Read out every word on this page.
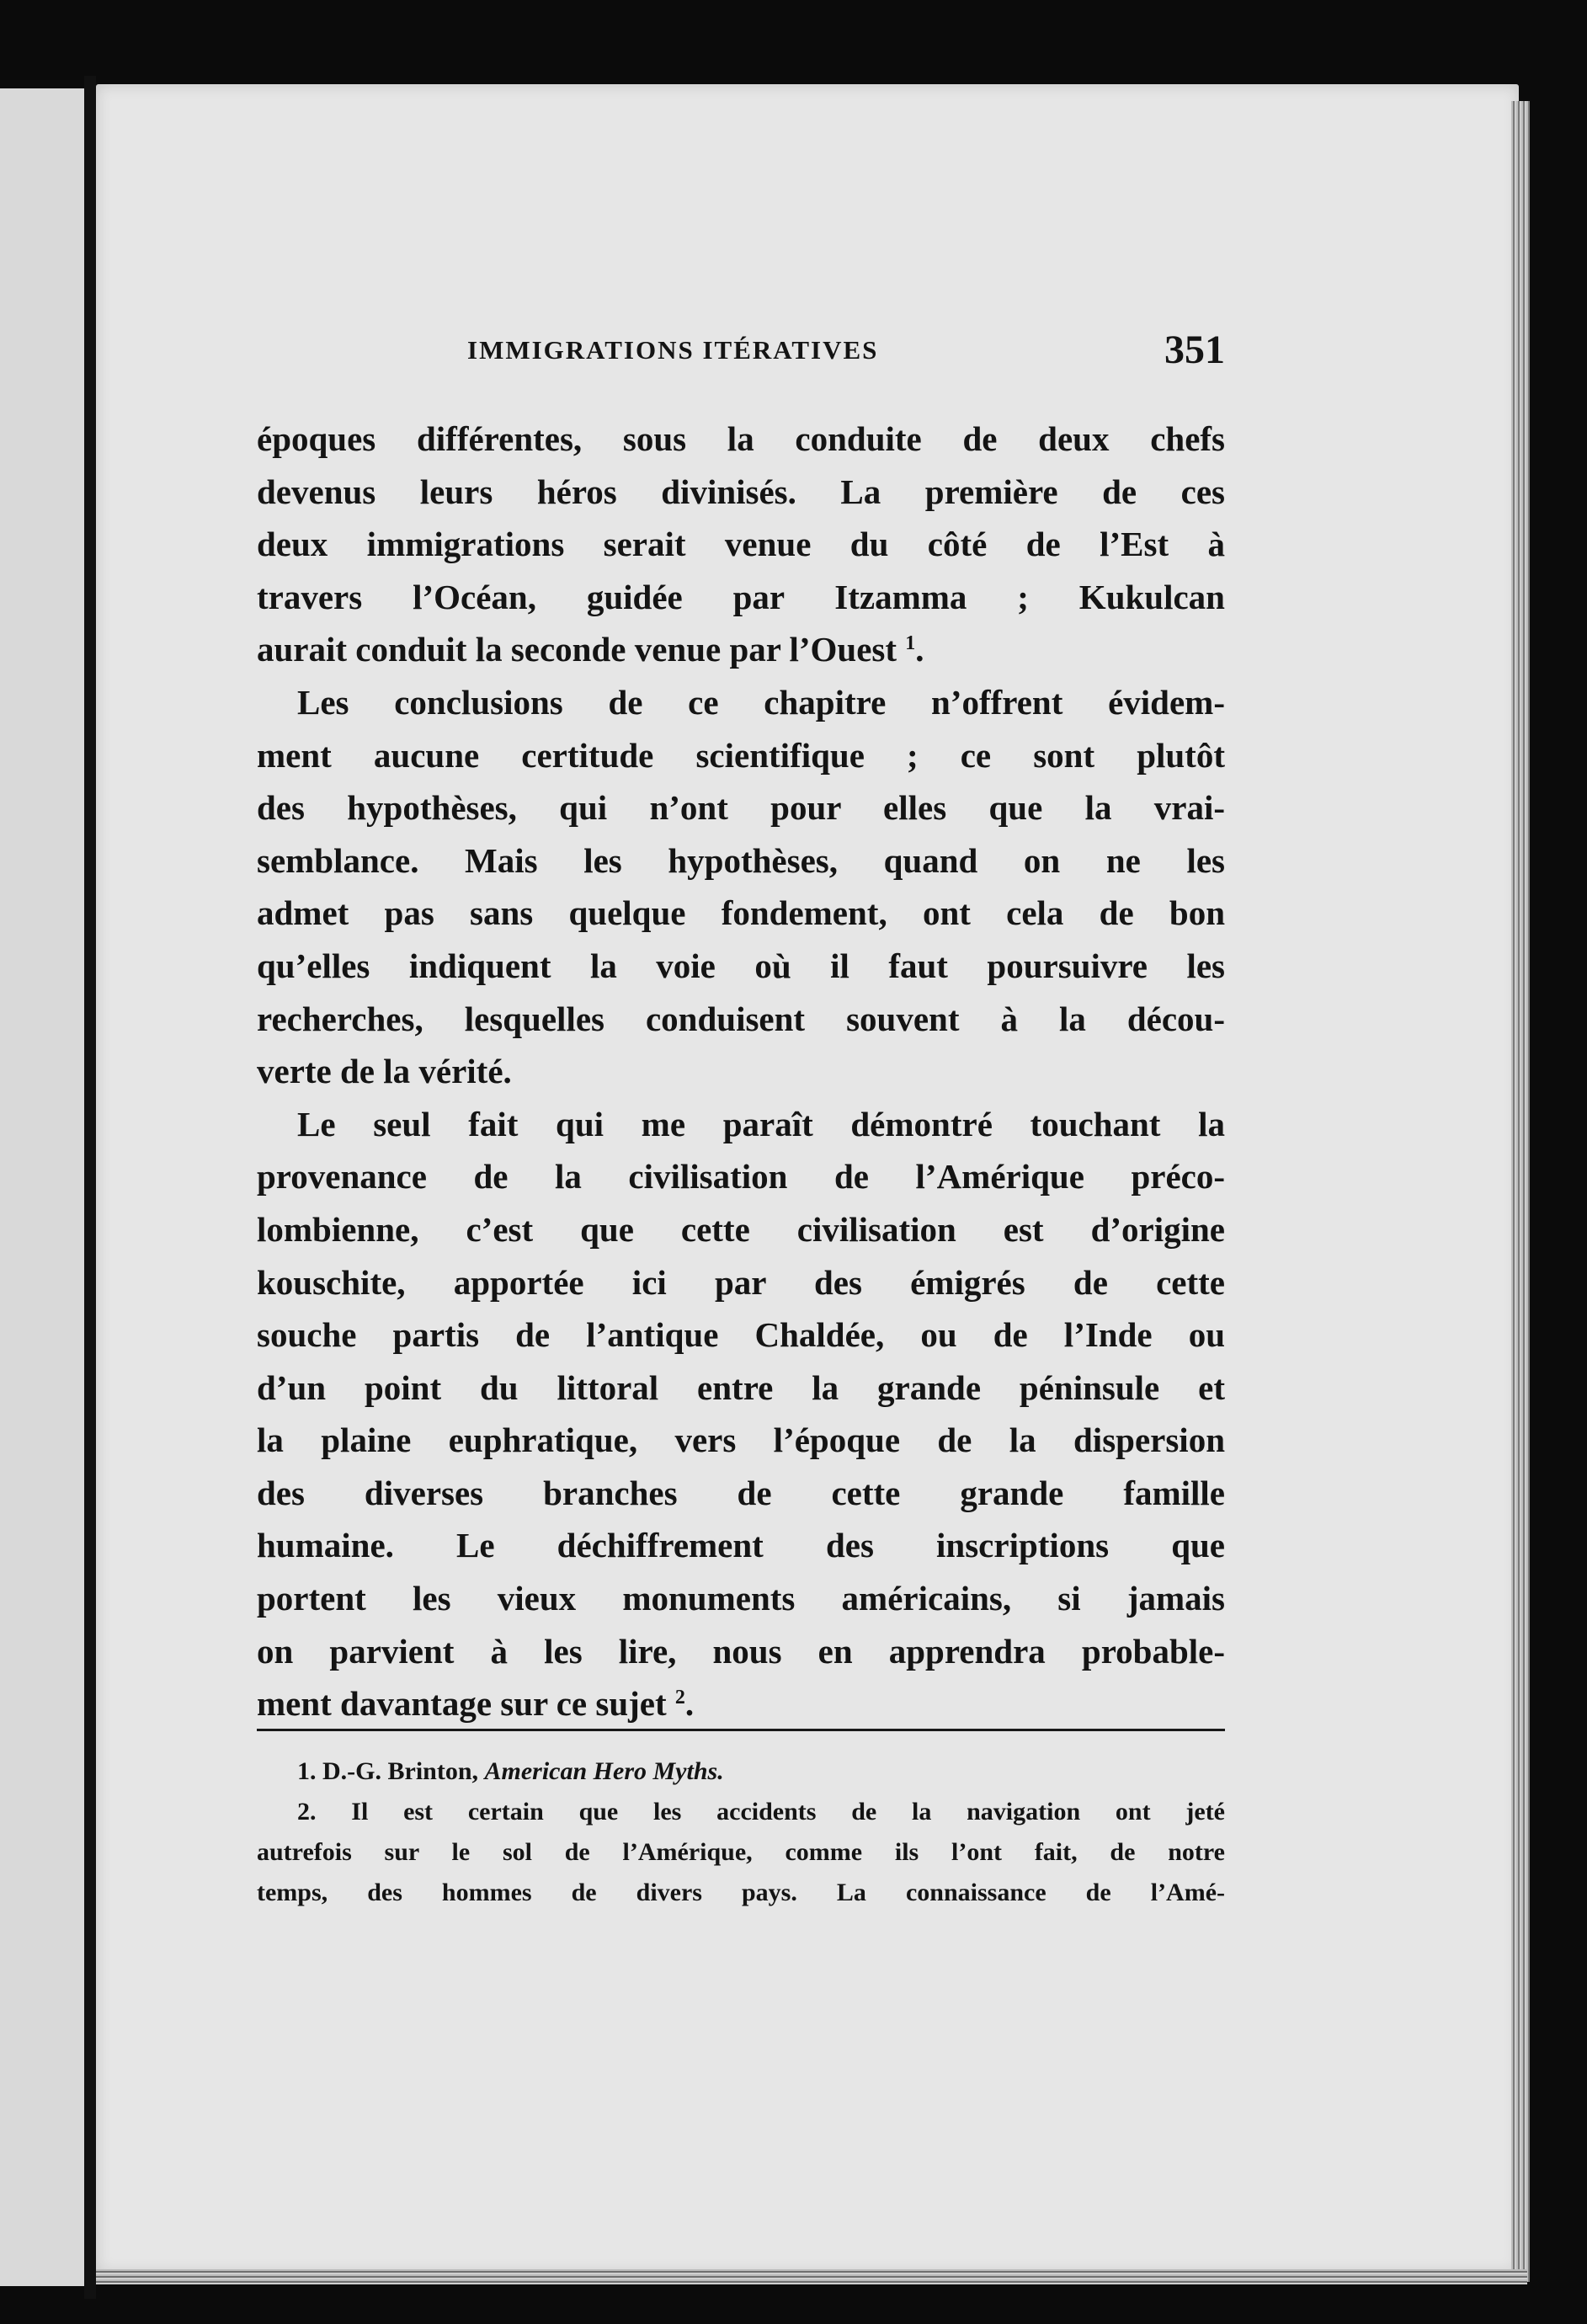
IMMIGRATIONS ITÉRATIVES	351
époques différentes, sous la conduite de deux chefs
devenus leurs héros divinisés. La première de ces
deux immigrations serait venue du côté de l’Est à
travers l’Océan, guidée par Itzamma ; Kukulcan
aurait conduit la seconde venue par l’Ouest $^1$.
Les conclusions de ce chapitre n’offrent évidem-
ment aucune certitude scientifique ; ce sont plutôt
des hypothèses, qui n’ont pour elles que la vrai-
semblance. Mais les hypothèses, quand on ne les
admet pas sans quelque fondement, ont cela de bon
qu’elles indiquent la voie où il faut poursuivre les
recherches, lesquelles conduisent souvent à la décou-
verte de la vérité.
Le seul fait qui me paraît démontré touchant la
provenance de la civilisation de l’Amérique préco-
lombienne, c’est que cette civilisation est d’origine
kouschite, apportée ici par des émigrés de cette
souche partis de l’antique Chaldée, ou de l’Inde ou
d’un point du littoral entre la grande péninsule et
la plaine euphratique, vers l’époque de la dispersion
des diverses branches de cette grande famille
humaine. Le déchiffrement des inscriptions que
portent les vieux monuments américains, si jamais
on parvient à les lire, nous en apprendra probable-
ment davantage sur ce sujet $^2$.
1. D.-G. Brinton, American Hero Myths.
2. Il est certain que les accidents de la navigation ont jeté
autrefois sur le sol de l’Amérique, comme ils l’ont fait, de notre
temps, des hommes de divers pays. La connaissance de l’Amé-
